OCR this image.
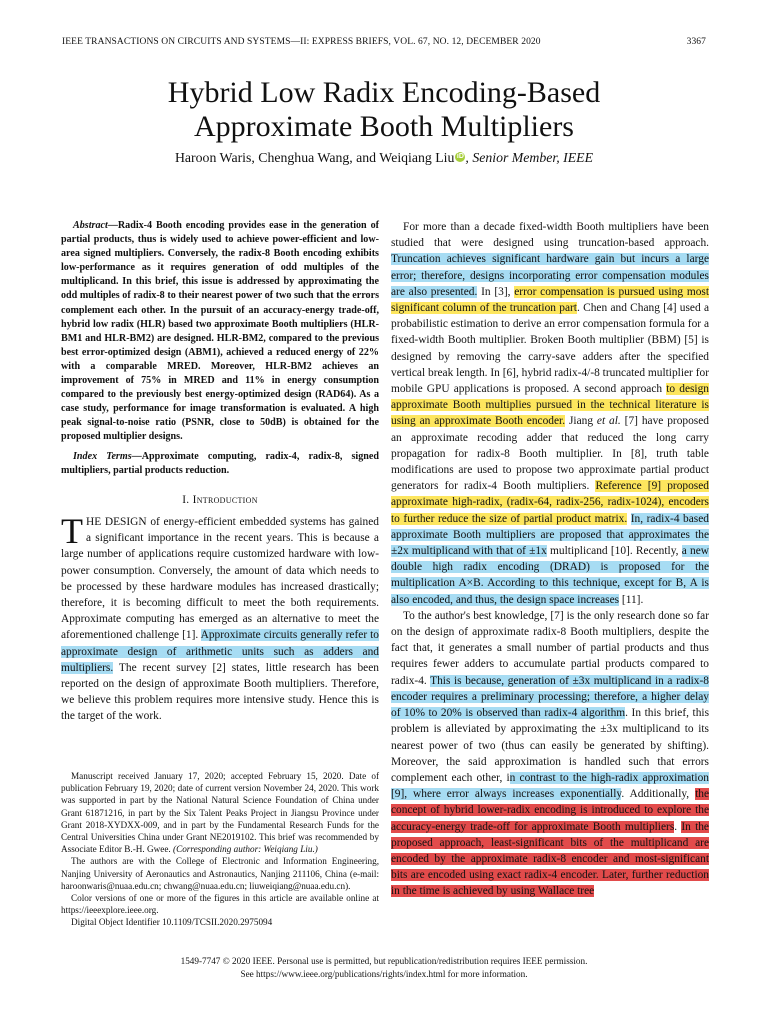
IEEE TRANSACTIONS ON CIRCUITS AND SYSTEMS—II: EXPRESS BRIEFS, VOL. 67, NO. 12, DECEMBER 2020	3367
Hybrid Low Radix Encoding-Based
Approximate Booth Multipliers
Haroon Waris, Chenghua Wang, and Weiqiang Liu iD , Senior Member, IEEE

Abstract—Radix-4 Booth encoding provides ease in the generation of partial products, thus is widely used to achieve power-efficient and low-area signed multipliers. Conversely, the radix-8 Booth encoding exhibits low-performance as it requires generation of odd multiples of the multiplicand. In this brief, this issue is addressed by approximating the odd multiples of radix-8 to their nearest power of two such that the errors complement each other. In the pursuit of an accuracy-energy trade-off, hybrid low radix (HLR) based two approximate Booth multipliers (HLR-BM1 and HLR-BM2) are designed. HLR-BM2, compared to the previous best error-optimized design (ABM1), achieved a reduced energy of 22% with a comparable MRED. Moreover, HLR-BM2 achieves an improvement of 75% in MRED and 11% in energy consumption compared to the previously best energy-optimized design (RAD64). As a case study, performance for image transformation is evaluated. A high peak signal-to-noise ratio (PSNR, close to 50dB) is obtained for the proposed multiplier designs.

Index Terms—Approximate computing, radix-4, radix-8, signed multipliers, partial products reduction.

I. Introduction

THE DESIGN of energy-efficient embedded systems has gained a significant importance in the recent years. This is because a large number of applications require customized hardware with low-power consumption. Conversely, the amount of data which needs to be processed by these hardware modules has increased drastically; therefore, it is becoming difficult to meet the both requirements. Approximate computing has emerged as an alternative to meet the aforementioned challenge [1]. Approximate circuits generally refer to approximate design of arithmetic units such as adders and multipliers. The recent survey [2] states, little research has been reported on the design of approximate Booth multipliers. Therefore, we believe this problem requires more intensive study. Hence this is the target of the work.

Manuscript received January 17, 2020; accepted February 15, 2020. Date of publication February 19, 2020; date of current version November 24, 2020. This work was supported in part by the National Natural Science Foundation of China under Grant 61871216, in part by the Six Talent Peaks Project in Jiangsu Province under Grant 2018-XYDXX-009, and in part by the Fundamental Research Funds for the Central Universities China under Grant NE2019102. This brief was recommended by Associate Editor B.-H. Gwee. (Corresponding author: Weiqiang Liu.)

The authors are with the College of Electronic and Information Engineering, Nanjing University of Aeronautics and Astronautics, Nanjing 211106, China (e-mail: haroonwaris@nuaa.edu.cn; chwang@nuaa.edu.cn; liuweiqiang@nuaa.edu.cn).

Color versions of one or more of the figures in this article are available online at https://ieeexplore.ieee.org.

Digital Object Identifier 10.1109/TCSII.2020.2975094

For more than a decade fixed-width Booth multipliers have been studied that were designed using truncation-based approach. Truncation achieves significant hardware gain but incurs a large error; therefore, designs incorporating error compensation modules are also presented. In [3], error compensation is pursued using most significant column of the truncation part. Chen and Chang [4] used a probabilistic estimation to derive an error compensation formula for a fixed-width Booth multiplier. Broken Booth multiplier (BBM) [5] is designed by removing the carry-save adders after the specified vertical break length. In [6], hybrid radix-4/-8 truncated multiplier for mobile GPU applications is proposed. A second approach to design approximate Booth multiplies pursued in the technical literature is using an approximate Booth encoder. Jiang et al. [7] have proposed an approximate recoding adder that reduced the long carry propagation for radix-8 Booth multiplier. In [8], truth table modifications are used to propose two approximate partial product generators for radix-4 Booth multipliers. Reference [9] proposed approximate high-radix, (radix-64, radix-256, radix-1024), encoders to further reduce the size of partial product matrix. In, radix-4 based approximate Booth multipliers are proposed that approximates the ±2x multiplicand with that of ±1x multiplicand [10]. Recently, a new double high radix encoding (DRAD) is proposed for the multiplication A×B. According to this technique, except for B, A is also encoded, and thus, the design space increases [11].

To the author's best knowledge, [7] is the only research done so far on the design of approximate radix-8 Booth multipliers, despite the fact that, it generates a small number of partial products and thus requires fewer adders to accumulate partial products compared to radix-4. This is because, generation of ±3x multiplicand in a radix-8 encoder requires a preliminary processing; therefore, a higher delay of 10% to 20% is observed than radix-4 algorithm. In this brief, this problem is alleviated by approximating the ±3x multiplicand to its nearest power of two (thus can easily be generated by shifting). Moreover, the said approximation is handled such that errors complement each other, in contrast to the high-radix approximation [9], where error always increases exponentially. Additionally, the concept of hybrid lower-radix encoding is introduced to explore the accuracy-energy trade-off for approximate Booth multipliers. In the proposed approach, least-significant bits of the multiplicand are encoded by the approximate radix-8 encoder and most-significant bits are encoded using exact radix-4 encoder. Later, further reduction in the time is achieved by using Wallace tree

1549-7747 © 2020 IEEE. Personal use is permitted, but republication/redistribution requires IEEE permission.
See https://www.ieee.org/publications/rights/index.html for more information.
